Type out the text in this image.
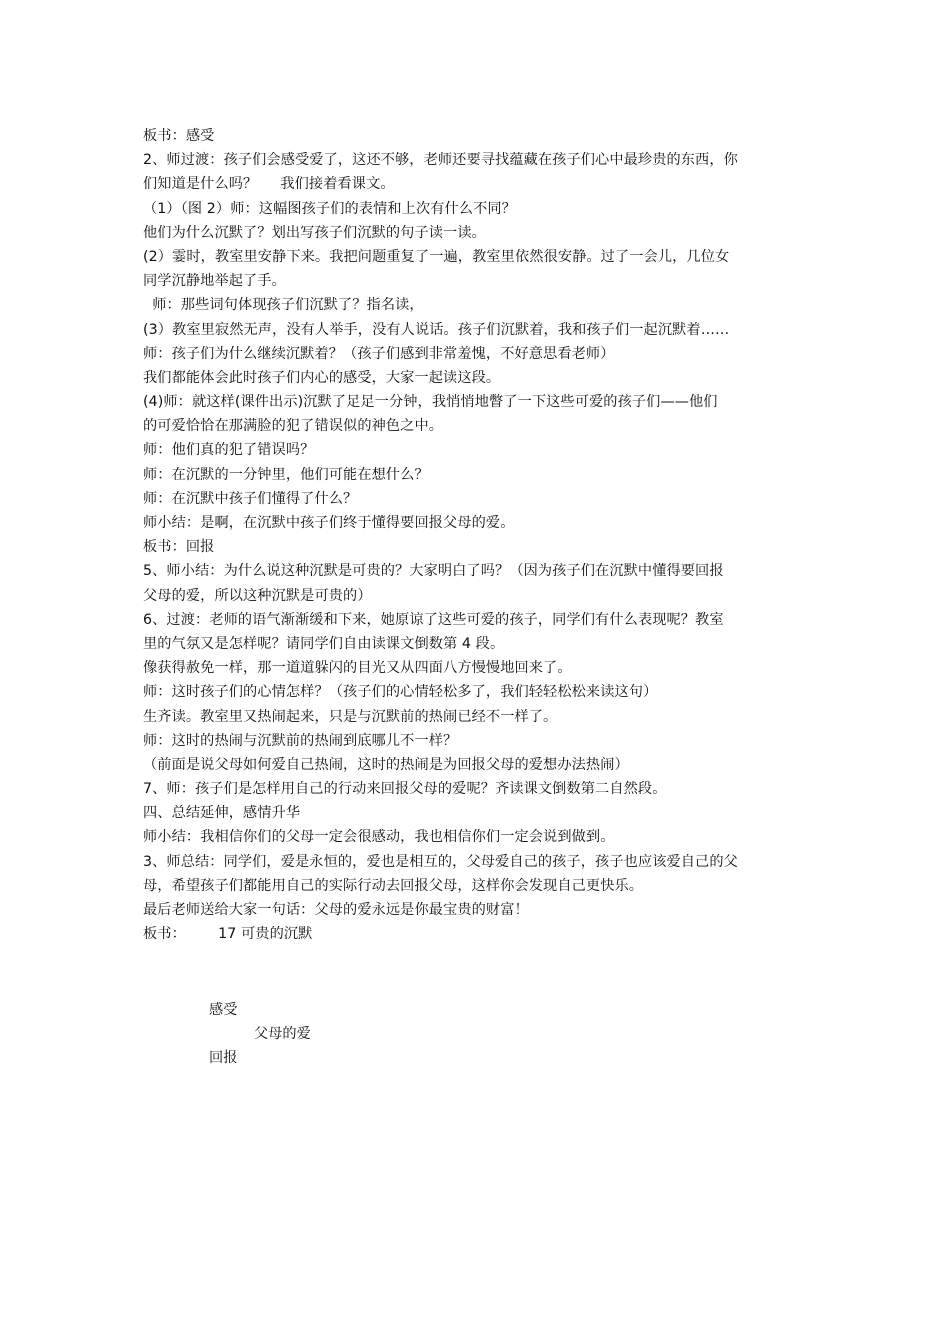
板书：感受
2、师过渡：孩子们会感受爱了，这还不够，老师还要寻找蕴藏在孩子们心中最珍贵的东西，你
们知道是什么吗？     我们接着看课文。
（1）（图 2）师：这幅图孩子们的表情和上次有什么不同？
他们为什么沉默了？划出写孩子们沉默的句子读一读。
(2）霎时，教室里安静下来。我把问题重复了一遍，教室里依然很安静。过了一会儿，几位女
同学沉静地举起了手。
师：那些词句体现孩子们沉默了？指名读，
(3）教室里寂然无声，没有人举手，没有人说话。孩子们沉默着，我和孩子们一起沉默着……
师：孩子们为什么继续沉默着？（孩子们感到非常羞愧，不好意思看老师）
我们都能体会此时孩子们内心的感受，大家一起读这段。
(4)师：就这样(课件出示)沉默了足足一分钟，我悄悄地瞥了一下这些可爱的孩子们——他们
的可爱恰恰在那满脸的犯了错误似的神色之中。
师：他们真的犯了错误吗？
师：在沉默的一分钟里，他们可能在想什么？
师：在沉默中孩子们懂得了什么？
师小结：是啊，在沉默中孩子们终于懂得要回报父母的爱。
板书：回报
5、师小结：为什么说这种沉默是可贵的？大家明白了吗？（因为孩子们在沉默中懂得要回报
父母的爱，所以这种沉默是可贵的）
6、过渡：老师的语气渐渐缓和下来，她原谅了这些可爱的孩子，同学们有什么表现呢？教室
里的气氛又是怎样呢？请同学们自由读课文倒数第 4 段。
像获得赦免一样，那一道道躲闪的目光又从四面八方慢慢地回来了。
师：这时孩子们的心情怎样？（孩子们的心情轻松多了，我们轻轻松松来读这句）
生齐读。教室里又热闹起来，只是与沉默前的热闹已经不一样了。
师：这时的热闹与沉默前的热闹到底哪儿不一样？
（前面是说父母如何爱自己热闹，这时的热闹是为回报父母的爱想办法热闹）
7、师：孩子们是怎样用自己的行动来回报父母的爱呢？齐读课文倒数第二自然段。
四、总结延伸，感情升华
师小结：我相信你们的父母一定会很感动，我也相信你们一定会说到做到。
3、师总结：同学们，爱是永恒的，爱也是相互的，父母爱自己的孩子，孩子也应该爱自己的父
母，希望孩子们都能用自己的实际行动去回报父母，这样你会发现自己更快乐。
最后老师送给大家一句话：父母的爱永远是你最宝贵的财富！
板书：       17 可贵的沉默
感受
父母的爱
回报
